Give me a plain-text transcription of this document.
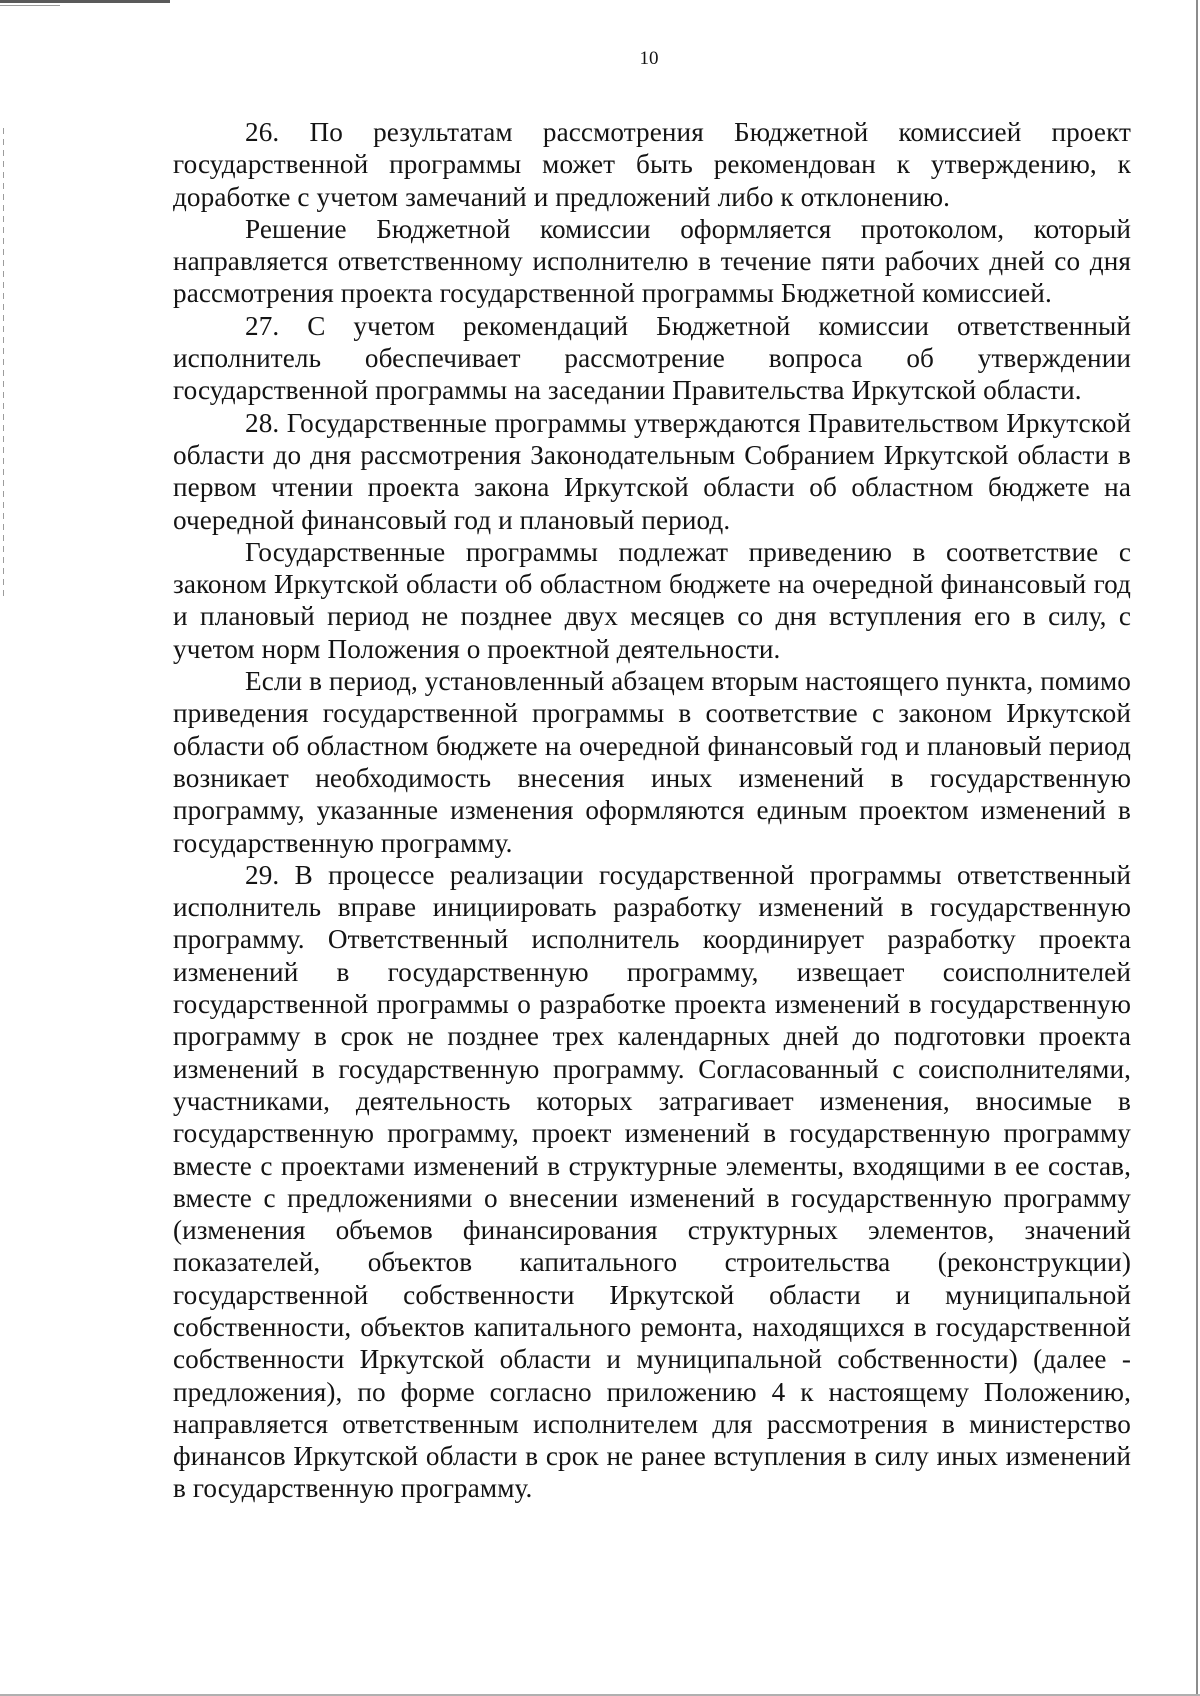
10

26. По результатам рассмотрения Бюджетной комиссией проект государственной программы может быть рекомендован к утверждению, к доработке с учетом замечаний и предложений либо к отклонению.

Решение Бюджетной комиссии оформляется протоколом, который направляется ответственному исполнителю в течение пяти рабочих дней со дня рассмотрения проекта государственной программы Бюджетной комиссией.

27. С учетом рекомендаций Бюджетной комиссии ответственный исполнитель обеспечивает рассмотрение вопроса об утверждении государственной программы на заседании Правительства Иркутской области.

28. Государственные программы утверждаются Правительством Иркутской области до дня рассмотрения Законодательным Собранием Иркутской области в первом чтении проекта закона Иркутской области об областном бюджете на очередной финансовый год и плановый период.

Государственные программы подлежат приведению в соответствие с законом Иркутской области об областном бюджете на очередной финансовый год и плановый период не позднее двух месяцев со дня вступления его в силу, с учетом норм Положения о проектной деятельности.

Если в период, установленный абзацем вторым настоящего пункта, помимо приведения государственной программы в соответствие с законом Иркутской области об областном бюджете на очередной финансовый год и плановый период возникает необходимость внесения иных изменений в государственную программу, указанные изменения оформляются единым проектом изменений в государственную программу.

29. В процессе реализации государственной программы ответственный исполнитель вправе инициировать разработку изменений в государственную программу. Ответственный исполнитель координирует разработку проекта изменений в государственную программу, извещает соисполнителей государственной программы о разработке проекта изменений в государственную программу в срок не позднее трех календарных дней до подготовки проекта изменений в государственную программу. Согласованный с соисполнителями, участниками, деятельность которых затрагивает изменения, вносимые в государственную программу, проект изменений в государственную программу вместе с проектами изменений в структурные элементы, входящими в ее состав, вместе с предложениями о внесении изменений в государственную программу (изменения объемов финансирования структурных элементов, значений показателей, объектов капитального строительства (реконструкции) государственной собственности Иркутской области и муниципальной собственности, объектов капитального ремонта, находящихся в государственной собственности Иркутской области и муниципальной собственности) (далее - предложения), по форме согласно приложению 4 к настоящему Положению, направляется ответственным исполнителем для рассмотрения в министерство финансов Иркутской области в срок не ранее вступления в силу иных изменений в государственную программу.
